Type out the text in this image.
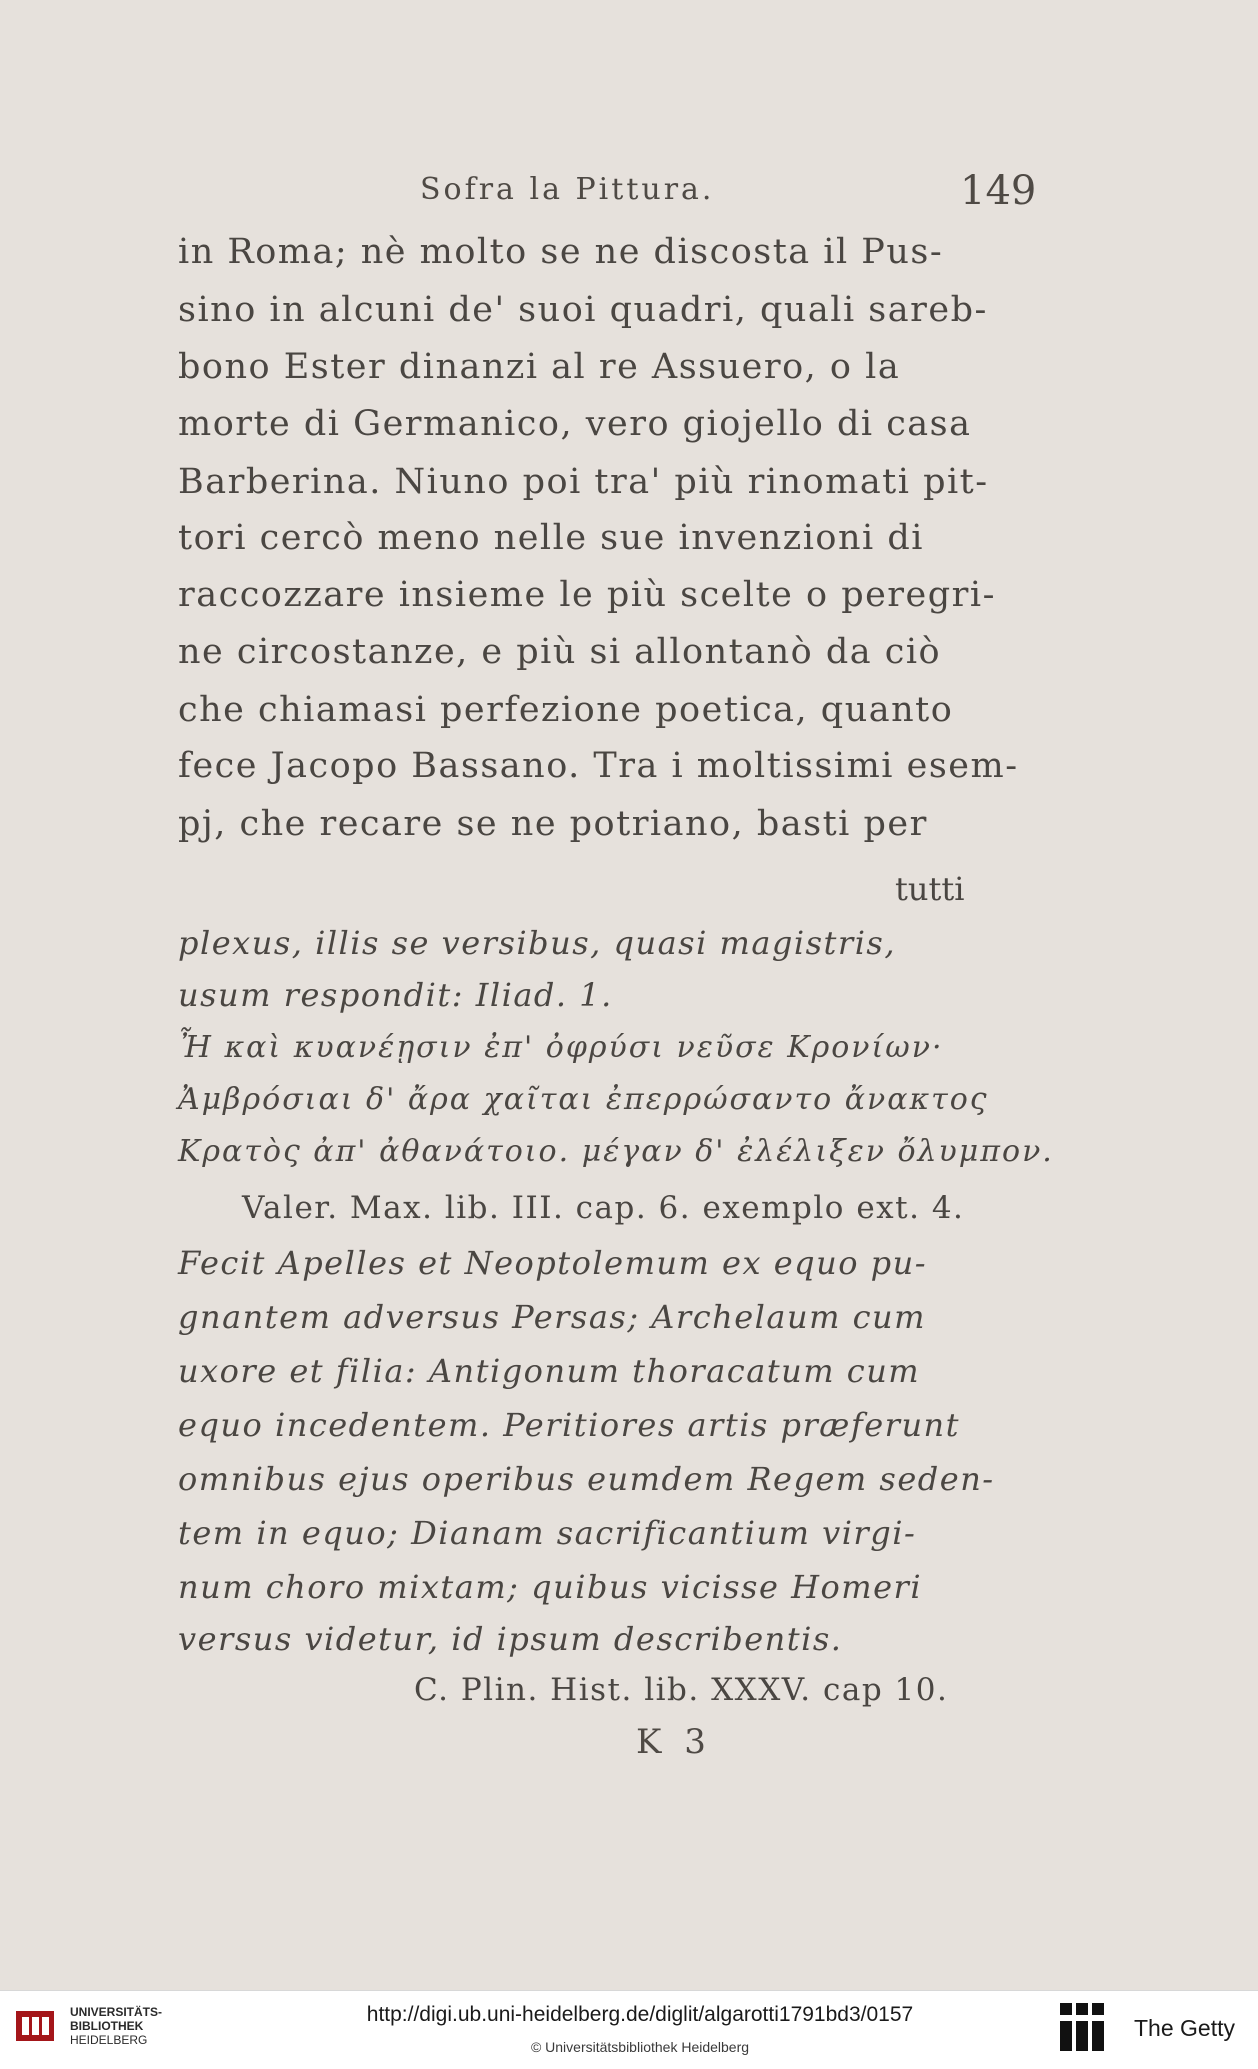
Sofra la Pittura.	149
in Roma; nè molto se ne discosta il Pus-
sino in alcuni de' suoi quadri, quali sareb-
bono Ester dinanzi al re Assuero, o la
morte di Germanico, vero giojello di casa
Barberina. Niuno poi tra' più rinomati pit-
tori cercò meno nelle sue invenzioni di
raccozzare insieme le più scelte o peregri-
ne circostanze, e più si allontanò da ciò
che chiamasi perfezione poetica, quanto
fece Jacopo Bassano. Tra i moltissimi esem-
pj, che recare se ne potriano, basti per
tutti
plexus, illis se versibus, quasi magistris,
usum respondit: Iliad. 1.
Ἦ καὶ κυανέῃσιν ἐπ' ὀφρύσι νεῦσε Κρονίων·
Ἀμβρόσιαι δ' ἄρα χαῖται ἐπερρώσαντο ἄνακτος
Κρατὸς ἀπ' ἀθανάτοιο. μέγαν δ' ἐλέλιξεν ὄλυμπον.
Valer. Max. lib. III. cap. 6. exemplo ext. 4.
Fecit Apelles et Neoptolemum ex equo pu-
gnantem adversus Persas; Archelaum cum
uxore et filia: Antigonum thoracatum cum
equo incedentem. Peritiores artis præferunt
omnibus ejus operibus eumdem Regem seden-
tem in equo; Dianam sacrificantium virgi-
num choro mixtam; quibus vicisse Homeri
versus videtur, id ipsum describentis.
C. Plin. Hist. lib. XXXV. cap 10.
K 3
UNIVERSITÄTS-
BIBLIOTHEK
HEIDELBERG
http://digi.ub.uni-heidelberg.de/diglit/algarotti1791bd3/0157
© Universitätsbibliothek Heidelberg
The Getty
